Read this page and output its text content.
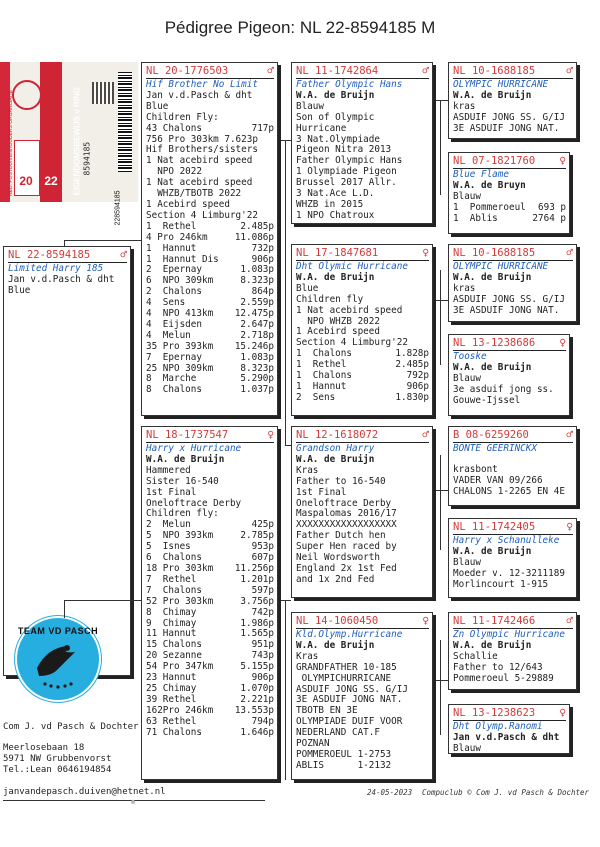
Pédigree Pigeon: NL 22-8594185 M
20 22
NED. POSTDUIVENHOUDERS ORGANISATIE	EIGENDOMSBEWIJS v RING 8594185
228594185
NL 22-8594185	♂
Limited Harry 185
Jan v.d.Pasch & dht
Blue
TEAM VD PASCH
Com J. vd Pasch & Dochter
Meerlosebaan 18
5971 NW Grubbenvorst
Tel.:Lean 0646194854
janvandepasch.duiven@hetnet.nl	24-05-2023 Compuclub © Com J. vd Pasch & Dochter
NL 20-1776503	♂
Hif Brother No Limit
Jan v.d.Pasch & dht
Blue
Children Fly:
43 Chalons	717p
756 Pro 303km 7.623p
Hif Brothers/sisters
1 Nat acebird speed
NPO 2022
1 Nat acebird speed
WHZB/TBOTB 2022
1 Acebird speed
Section 4 Limburg'22
1  Rethel	2.485p
4 Pro 246km	11.086p
1  Hannut	732p
1  Hannut Dis	906p
2  Epernay	1.083p
6  NPO 309km	8.323p
2  Chalons	864p
4  Sens	2.559p
4  NPO 413km 12.475p
4  Eijsden	2.647p
4  Melun	2.718p
35 Pro 393km 15.246p
7  Epernay	1.083p
25 NPO 309km	8.323p
8  Marche	5.290p
8  Chalons	1.037p
NL 18-1737547	♀
Harry x Hurricane
W.A. de Bruijn
Hammered
Sister 16-540
1st Final
Oneloftrace Derby
Children fly:
2  Melun	425p
5  NPO 393km	2.785p
5  Isnes	953p
6  Chalons	607p
18 Pro 303km 11.256p
7  Rethel	1.201p
7  Chalons	597p
52 Pro 303km	3.756p
8  Chimay	742p
9  Chimay	1.986p
11 Hannut	1.565p
15 Chalons	951p
20 Sezanne	743p
54 Pro 347km	5.155p
23 Hannut	906p
25 Chimay	1.070p
39 Rethel	2.221p
162Pro 246km 13.553p
63 Rethel	794p
71 Chalons	1.646p
NL 11-1742864	♂
Father Olympic Hans
W.A. de Bruijn
Blauw
Son of Olympic
Hurricane
3 Nat.Olympiade
Pigeon Nitra 2013
Father Olympic Hans
1 Olympiade Pigeon
Brussel 2017 Allr.
3 Nat.Ace L.D.
WHZB in 2015
1 NPO Chatroux
NL 17-1847681	♀
Dht Olymic Hurricane
W.A. de Bruijn
Blue
Children fly
1 Nat acebird speed
NPO WHZB 2022
1 Acebird speed
Section 4 Limburg'22
1  Chalons	1.828p
1  Rethel	2.485p
1  Chalons	792p
1  Hannut	906p
2  Sens	1.830p
NL 12-1618072	♂
Grandson Harry
W.A. de Bruijn
Kras
Father to 16-540
1st Final
Oneloftrace Derby
Maspalomas 2016/17
XXXXXXXXXXXXXXXXXX
Father Dutch hen
Super Hen raced by
Neil Wordsworth
England 2x 1st Fed
and 1x 2nd Fed
NL 14-1060450	♀
Kld.Olymp.Hurricane
W.A. de Bruijn
Kras
GRANDFATHER 10-185
OLYMPICHURRICANE
ASDUIF JONG SS. G/IJ
3E ASDUIF JONG NAT.
TBOTB EN 3E
OLYMPIADE DUIF VOOR
NEDERLAND CAT.F
POZNAN
POMMEROEUL 1-2753
ABLIS      1-2132
NL 10-1688185	♂
OLYMPIC HURRICANE
W.A. de Bruijn
kras
ASDUIF JONG SS. G/IJ
3E ASDUIF JONG NAT.
NL 07-1821760 ♀
Blue Flame
W.A. de Bruyn
Blauw
1  Pommeroeul 693 p
1  Ablis	2764 p
NL 10-1688185	♂
OLYMPIC HURRICANE
W.A. de Bruijn
kras
ASDUIF JONG SS. G/IJ
3E ASDUIF JONG NAT.
NL 13-1238686 ♀
Tooske
W.A. de Bruijn
Blauw
3e asduif jong ss.
Gouwe-Ijssel
B 08-6259260	♂
BONTE GEERINCKX
krasbont
VADER VAN 09/266
CHALONS 1-2265 EN 4E
NL 11-1742405	♀
Harry x Schanulleke
W.A. de Bruijn
Blauw
Moeder v. 12-3211189
Morlincourt 1-915
NL 11-1742466	♂
Zn Olympic Hurricane
W.A. de Bruijn
Schallie
Father to 12/643
Pommeroeul 5-29889
NL 13-1238623 ♀
Dht Olymp.Ranomi
Jan v.d.Pasch & dht
Blauw
